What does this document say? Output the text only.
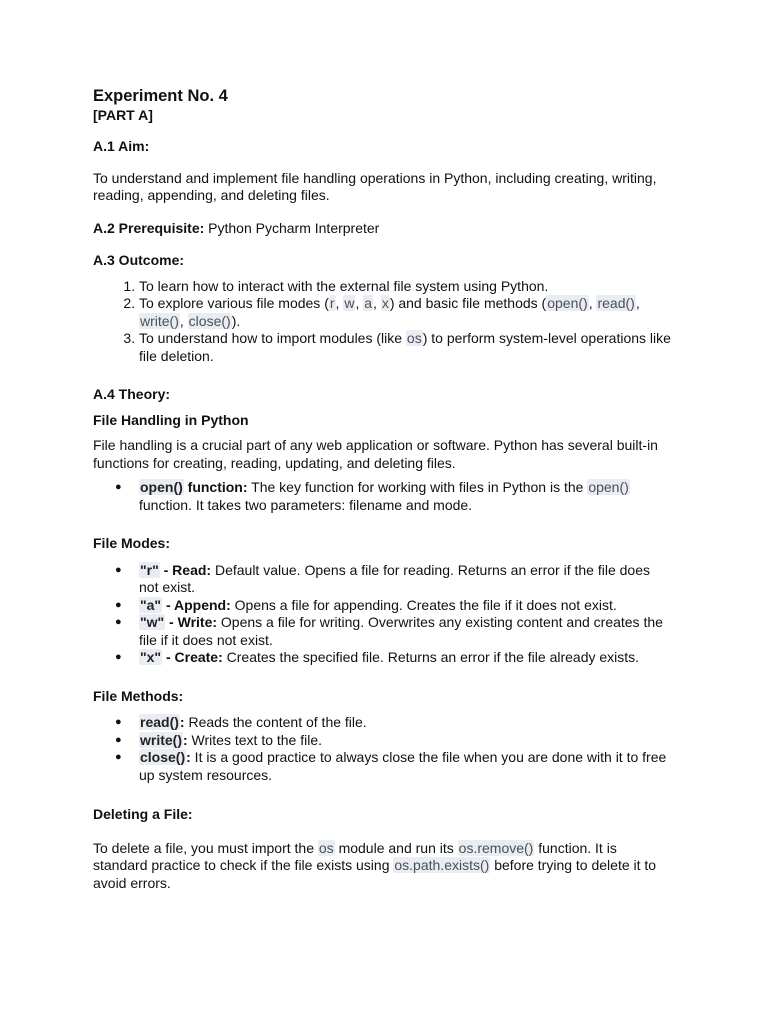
Experiment No. 4

[PART A]

A.1 Aim:

To understand and implement file handling operations in Python, including creating, writing, reading, appending, and deleting files.

A.2 Prerequisite: Python Pycharm Interpreter

A.3 Outcome:

1. To learn how to interact with the external file system using Python.
2. To explore various file modes (r, w, a, x) and basic file methods (open(), read(), write(), close()).
3. To understand how to import modules (like os) to perform system-level operations like file deletion.

A.4 Theory:

File Handling in Python

File handling is a crucial part of any web application or software. Python has several built-in functions for creating, reading, updating, and deleting files.

● open() function: The key function for working with files in Python is the open() function. It takes two parameters: filename and mode.

File Modes:

● "r" - Read: Default value. Opens a file for reading. Returns an error if the file does not exist.
● "a" - Append: Opens a file for appending. Creates the file if it does not exist.
● "w" - Write: Opens a file for writing. Overwrites any existing content and creates the file if it does not exist.
● "x" - Create: Creates the specified file. Returns an error if the file already exists.

File Methods:

● read(): Reads the content of the file.
● write(): Writes text to the file.
● close(): It is a good practice to always close the file when you are done with it to free up system resources.

Deleting a File:

To delete a file, you must import the os module and run its os.remove() function. It is standard practice to check if the file exists using os.path.exists() before trying to delete it to avoid errors.
